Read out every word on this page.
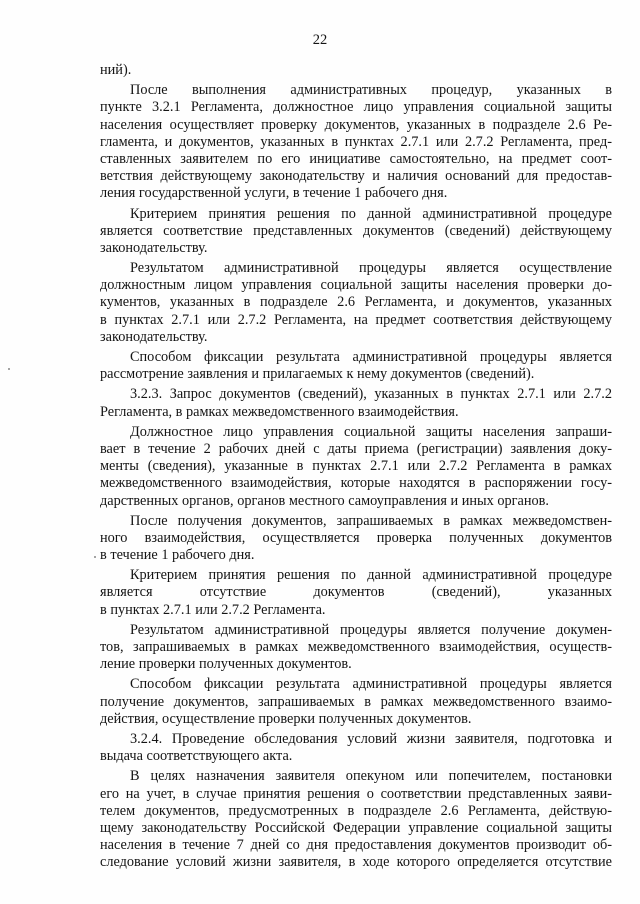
22
ний).
После выполнения административных процедур, указанных в
пункте 3.2.1 Регламента, должностное лицо управления социальной защиты
населения осуществляет проверку документов, указанных в подразделе 2.6 Ре-
гламента, и документов, указанных в пунктах 2.7.1 или 2.7.2 Регламента, пред-
ставленных заявителем по его инициативе самостоятельно, на предмет соот-
ветствия действующему законодательству и наличия оснований для предостав-
ления государственной услуги, в течение 1 рабочего дня.
Критерием принятия решения по данной административной процедуре
является соответствие представленных документов (сведений) действующему
законодательству.
Результатом административной процедуры является осуществление
должностным лицом управления социальной защиты населения проверки до-
кументов, указанных в подразделе 2.6 Регламента, и документов, указанных
в пунктах 2.7.1 или 2.7.2 Регламента, на предмет соответствия действующему
законодательству.
Способом фиксации результата административной процедуры является
рассмотрение заявления и прилагаемых к нему документов (сведений).
3.2.3. Запрос документов (сведений), указанных в пунктах 2.7.1 или 2.7.2
Регламента, в рамках межведомственного взаимодействия.
Должностное лицо управления социальной защиты населения запраши-
вает в течение 2 рабочих дней с даты приема (регистрации) заявления доку-
менты (сведения), указанные в пунктах 2.7.1 или 2.7.2 Регламента в рамках
межведомственного взаимодействия, которые находятся в распоряжении госу-
дарственных органов, органов местного самоуправления и иных органов.
После получения документов, запрашиваемых в рамках межведомствен-
ного взаимодействия, осуществляется проверка полученных документов
в течение 1 рабочего дня.
Критерием принятия решения по данной административной процедуре
является отсутствие документов (сведений), указанных
в пунктах 2.7.1 или 2.7.2 Регламента.
Результатом административной процедуры является получение докумен-
тов, запрашиваемых в рамках межведомственного взаимодействия, осуществ-
ление проверки полученных документов.
Способом фиксации результата административной процедуры является
получение документов, запрашиваемых в рамках межведомственного взаимо-
действия, осуществление проверки полученных документов.
3.2.4. Проведение обследования условий жизни заявителя, подготовка и
выдача соответствующего акта.
В целях назначения заявителя опекуном или попечителем, постановки
его на учет, в случае принятия решения о соответствии представленных заяви-
телем документов, предусмотренных в подразделе 2.6 Регламента, действую-
щему законодательству Российской Федерации управление социальной защиты
населения в течение 7 дней со дня предоставления документов производит об-
следование условий жизни заявителя, в ходе которого определяется отсутствие
